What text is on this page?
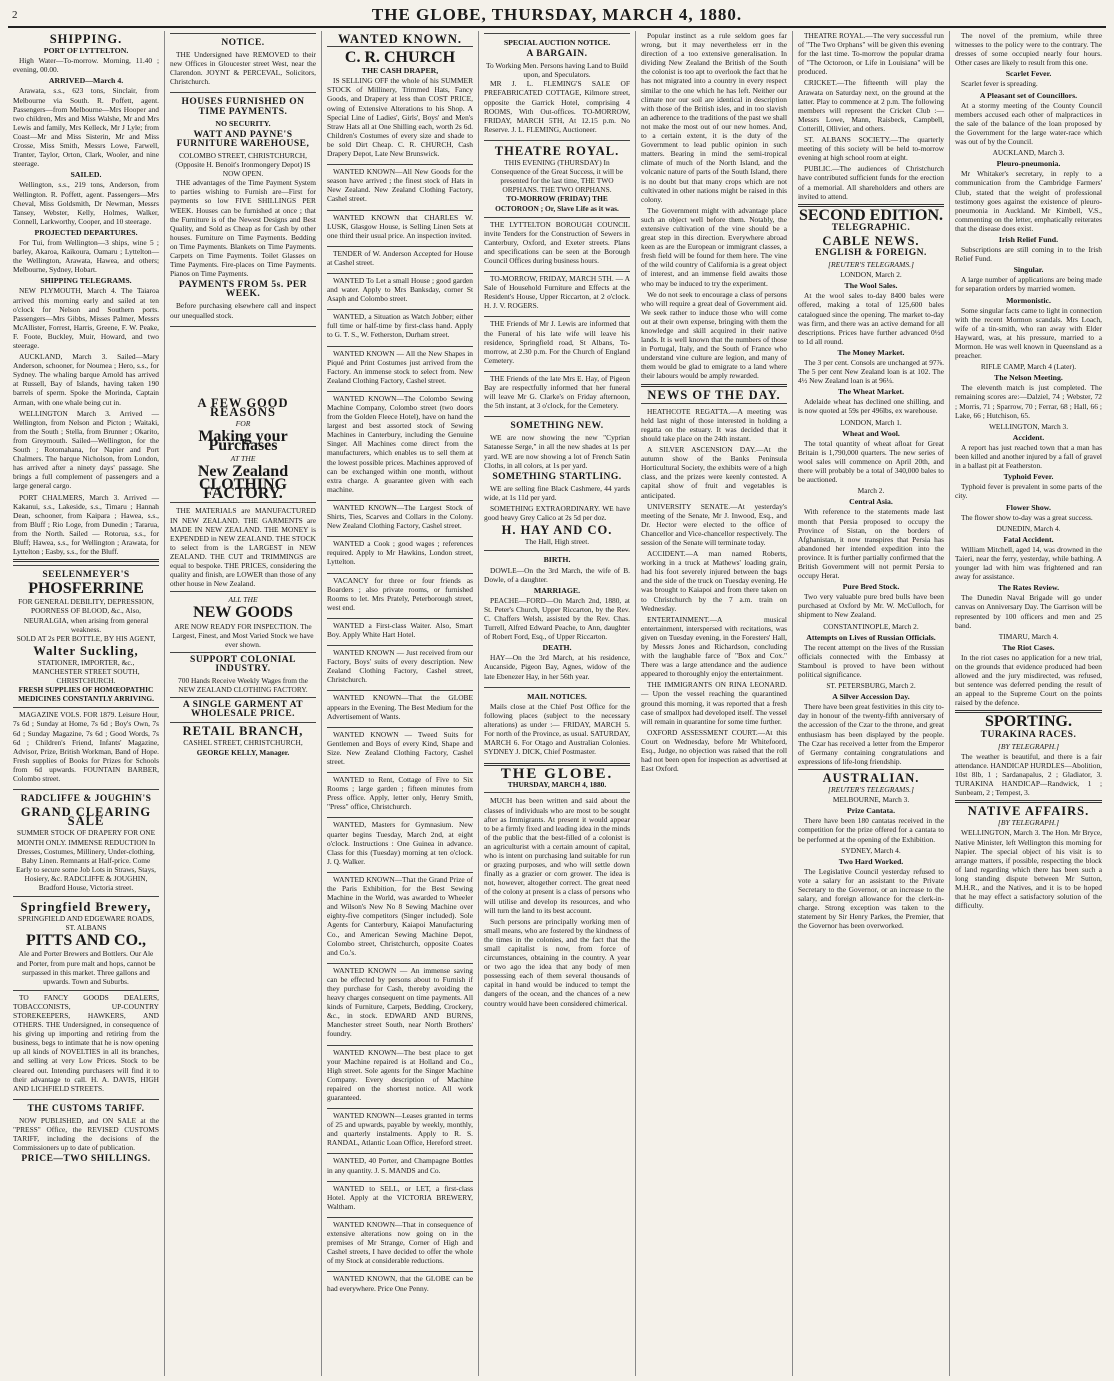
2	THE GLOBE, THURSDAY, MARCH 4, 1880.
SHIPPING.
PORT OF LYTTELTON.

High Water—To-morrow. Morning, 11.40 ; evening, 00.00.

ARRIVED—March 4.

Arawata, s.s., 623 tons, Sinclair, from Melbourne via South. R. Poffett, agent. Passengers—from Melbourne—Mrs Hooper and two children, Mrs and Miss Walshe, Mr and Mrs Lewis and family, Mrs Kelleck, Mr J Lyle; from Coast—Mr and Miss Sisterin, Mr and Miss Crosse, Miss Smith, Messrs Lowe, Farwell, Tranter, Taylor, Orton, Clark, Wooler, and nine steerage.

SAILED.

Wellington, s.s., 219 tons, Anderson, from Wellington. R. Poffett, agent. Passengers—Mrs Cheval, Miss Goldsmith, Dr Newman, Messrs Tansey, Webster, Kelly, Holmes, Walker, Connell, Larkworthy, Cooper, and 10 steerage.

PROJECTED DEPARTURES.

For Tui, from Wellington—3 ships, wine 5 ; barley, Akaroa, Kaikoura, Oamaru ; Lyttelton—the Wellington, Arawata, Hawea, and others; Melbourne, Sydney, Hobart.

SHIPPING TELEGRAMS.

NEW PLYMOUTH, March 4. The Taiaroa arrived this morning early and sailed at ten o'clock for Nelson and Southern ports. Passengers—Mrs Gibbs, Misses Palmer, Messrs McAllister, Forrest, Harris, Greene, F. W. Peake, F. Foote, Buckley, Muir, Howard, and two steerage.

AUCKLAND, March 3. Sailed—Mary Anderson, schooner, for Noumea ; Hero, s.s., for Sydney. The whaling barque Arnold has arrived at Russell, Bay of Islands, having taken 190 barrels of sperm. Spoke the Morinda, Captain Arman, with one whale being cut in.

WELLINGTON March 3. Arrived — Wellington, from Nelson and Picton ; Waitaki, from the South ; Stella, from Brunner ; Okarito, from Greymouth. Sailed—Wellington, for the South ; Rotomahana, for Napier and Port Chalmers. The barque Nicholson, from London, has arrived after a ninety days' passage. She brings a full complement of passengers and a large general cargo.

PORT CHALMERS, March 3. Arrived — Kakanui, s.s., Lakeside, s.s., Timaru ; Hannah Dean, schooner, from Kaipara ; Hawea, s.s., from Bluff ; Rio Loge, from Dunedin ; Tararua, from the North. Sailed — Rotorua, s.s., for Bluff; Hawea, s.s., for Wellington ; Arawata, for Lyttelton ; Easby, s.s., for the Bluff.

SEELENMEYER'S
PHOSFERRINE
FOR GENERAL DEBILITY, DEPRESSION, POORNESS OF BLOOD, &c., Also, NEURALGIA, when arising from general weakness.
SOLD AT 2s PER BOTTLE, BY HIS AGENT,
Walter Suckling,
STATIONER, IMPORTER, &c., MANCHESTER STREET SOUTH, CHRISTCHURCH.
FRESH SUPPLIES OF HOMŒOPATHIC MEDICINES CONSTANTLY ARRIVING.

MAGAZINE VOLS. FOR 1879. Leisure Hour, 7s 6d ; Sunday at Home, 7s 6d ; Boy's Own, 7s 6d ; Sunday Magazine, 7s 6d ; Good Words, 7s 6d ; Children's Friend, Infants' Magazine, Advisor, Prize, British Workman, Band of Hope. Fresh supplies of Books for Prizes for Schools from 6d upwards. FOUNTAIN BARBER, Colombo street.

RADCLIFFE & JOUGHIN'S
GRAND CLEARING SALE
SUMMER STOCK OF DRAPERY FOR ONE MONTH ONLY. IMMENSE REDUCTION In Dresses, Costumes, Millinery, Under-clothing, Baby Linen. Remnants at Half-price. Come Early to secure some Job Lots in Straws, Stays, Hosiery, &c. RADCLIFFE & JOUGHIN, Bradford House, Victoria street.
Springfield Brewery,
SPRINGFIELD AND EDGEWARE ROADS, ST. ALBANS
PITTS AND CO.,
Ale and Porter Brewers and Bottlers. Our Ale and Porter, from pure malt and hops, cannot be surpassed in this market. Three gallons and upwards. Town and Suburbs.

TO FANCY GOODS DEALERS, TOBACCONISTS, UP-COUNTRY STOREKEEPERS, HAWKERS, AND OTHERS. THE Undersigned, in consequence of his giving up importing and retiring from the business, begs to intimate that he is now opening up all kinds of NOVELTIES in all its branches, and selling at very Low Prices. Stock to be cleared out. Intending purchasers will find it to their advantage to call. H. A. DAVIS, HIGH AND LICHFIELD STREETS.

THE CUSTOMS TARIFF.

NOW PUBLISHED, and ON SALE at the "PRESS" Office, the REVISED CUSTOMS TARIFF, including the decisions of the Commissioners up to date of publication.

PRICE—TWO SHILLINGS.
NOTICE.

THE Undersigned have REMOVED to their new Offices in Gloucester street West, near the Clarendon. JOYNT & PERCEVAL, Solicitors, Christchurch.

HOUSES FURNISHED ON TIME PAYMENTS.
NO SECURITY.
WATT AND PAYNE'S FURNITURE WAREHOUSE,
COLOMBO STREET, CHRISTCHURCH, (Opposite H. Benoit's Ironmongery Depot) IS NOW OPEN.

THE advantages of the Time Payment System to parties wishing to Furnish are—First for payments so low FIVE SHILLINGS PER WEEK. Houses can be furnished at once ; that the Furniture is of the Newest Designs and Best Quality, and Sold as Cheap as for Cash by other houses. Furniture on Time Payments. Bedding on Time Payments. Blankets on Time Payments. Carpets on Time Payments. Toilet Glasses on Time Payments. Fire-places on Time Payments. Pianos on Time Payments.

PAYMENTS FROM 5s. PER WEEK.

Before purchasing elsewhere call and inspect our unequalled stock.

A FEW GOOD REASONS
FOR
Making your Purchases
AT THE
New Zealand
CLOTHING FACTORY.

THE MATERIALS are MANUFACTURED IN NEW ZEALAND. THE GARMENTS are MADE IN NEW ZEALAND. THE MONEY is EXPENDED in NEW ZEALAND. THE STOCK to select from is the LARGEST in NEW ZEALAND. THE CUT and TRIMMINGS are equal to bespoke. THE PRICES, considering the quality and finish, are LOWER than those of any other house in New Zealand.

ALL THE
NEW GOODS
ARE NOW READY FOR INSPECTION. The Largest, Finest, and Most Varied Stock we have ever shown.
SUPPORT COLONIAL INDUSTRY.
700 Hands Receive Weekly Wages from the NEW ZEALAND CLOTHING FACTORY.
A SINGLE GARMENT AT WHOLESALE PRICE.
RETAIL BRANCH,
CASHEL STREET, CHRISTCHURCH,
GEORGE KELLY, Manager.
WANTED KNOWN.
C. R. CHURCH
THE CASH DRAPER,

IS SELLING OFF the whole of his SUMMER STOCK of Millinery, Trimmed Hats, Fancy Goods, and Drapery at less than COST PRICE, owing of Extensive Alterations to his Shop. A Special Line of Ladies', Girls', Boys' and Men's Straw Hats all at One Shilling each, worth 2s 6d. Children's Costumes of every size and shade to be sold Dirt Cheap. C. R. CHURCH, Cash Drapery Depot, Late New Brunswick.

WANTED KNOWN—All New Goods for the season have arrived ; the finest stock of Hats in New Zealand. New Zealand Clothing Factory, Cashel street.

WANTED KNOWN that CHARLES W. LUSK, Glasgow House, is Selling Linen Sets at one third their usual price. An inspection invited.

TENDER of W. Anderson Accepted for House at Cashel street.

WANTED To Let a small House ; good garden and water. Apply to Mrs Banksday, corner St Asaph and Colombo street.

WANTED, a Situation as Watch Jobber; either full time or half-time by first-class hand. Apply to G. T. S., W. Fetherston, Durham street.

WANTED KNOWN — All the New Shapes in Piqué and Print Costumes just arrived from the Factory. An immense stock to select from. New Zealand Clothing Factory, Cashel street.

WANTED KNOWN—The Colombo Sewing Machine Company, Colombo street (two doors from the Golden Fleece Hotel), have on hand the largest and best assorted stock of Sewing Machines in Canterbury, including the Genuine Singer. All Machines come direct from the manufacturers, which enables us to sell them at the lowest possible prices. Machines approved of can be exchanged within one month, without extra charge. A guarantee given with each machine.

WANTED KNOWN—The Largest Stock of Shirts, Ties, Scarves and Collars in the Colony. New Zealand Clothing Factory, Cashel street.

WANTED a Cook ; good wages ; references required. Apply to Mr Hawkins, London street, Lyttelton.

VACANCY for three or four friends as Boarders ; also private rooms, or furnished Rooms to let. Mrs Prately, Peterborough street, west end.

WANTED a First-class Waiter. Also, Smart Boy. Apply White Hart Hotel.

WANTED KNOWN — Just received from our Factory, Boys' suits of every description. New Zealand Clothing Factory, Cashel street, Christchurch.

WANTED KNOWN—That the GLOBE appears in the Evening. The Best Medium for the Advertisement of Wants.

WANTED KNOWN — Tweed Suits for Gentlemen and Boys of every Kind, Shape and Size. New Zealand Clothing Factory, Cashel street.

WANTED to Rent, Cottage of Five to Six Rooms ; large garden ; fifteen minutes from Press office. Apply, letter only, Henry Smith, "Press" office, Christchurch.

WANTED, Masters for Gymnasium. New quarter begins Tuesday, March 2nd, at eight o'clock. Instructions : One Guinea in advance. Class for this (Tuesday) morning at ten o'clock. J. Q. Walker.

WANTED KNOWN—That the Grand Prize of the Paris Exhibition, for the Best Sewing Machine in the World, was awarded to Wheeler and Wilson's New No 8 Sewing Machine over eighty-five competitors (Singer included). Sole Agents for Canterbury, Kaiapoi Manufacturing Co., and American Sewing Machine Depot, Colombo street, Christchurch, opposite Coates and Co.'s.

WANTED KNOWN — An immense saving can be effected by persons about to Furnish if they purchase for Cash, thereby avoiding the heavy charges consequent on time payments. All kinds of Furniture, Carpets, Bedding, Crockery, &c., in stock. EDWARD AND BURNS, Manchester street South, near North Brothers' foundry.

WANTED KNOWN—The best place to get your Machine repaired is at Holland and Co., High street. Sole agents for the Singer Machine Company. Every description of Machine repaired on the shortest notice. All work guaranteed.

WANTED KNOWN—Leases granted in terms of 25 and upwards, payable by weekly, monthly, and quarterly instalments. Apply to R. S. RANDAL, Atlantic Loan Office, Hereford street.

WANTED, 40 Porter, and Champagne Bottles in any quantity. J. S. MANDS and Co.

WANTED to SELL, or LET, a first-class Hotel. Apply at the VICTORIA BREWERY, Waltham.

WANTED KNOWN—That in consequence of extensive alterations now going on in the premises of Mr Strange, Corner of High and Cashel streets, I have decided to offer the whole of my Stock at considerable reductions.

WANTED KNOWN, that the GLOBE can be had everywhere. Price One Penny.

SPECIAL AUCTION NOTICE.
A BARGAIN.
To Working Men. Persons having Land to Build upon, and Speculators.

MR J. L. FLEMING'S SALE OF PREFABRICATED COTTAGE, Kilmore street, opposite the Garrick Hotel, comprising 4 ROOMS, With Out-offices. TO-MORROW, FRIDAY, MARCH 5TH, At 12.15 p.m. No Reserve. J. L. FLEMING, Auctioneer.

THEATRE ROYAL.
THIS EVENING (THURSDAY) In Consequence of the Great Success, it will be presented for the last time, THE TWO ORPHANS. THE TWO ORPHANS.
TO-MORROW (FRIDAY) THE OCTOROON ; Or, Slave Life as it was.

THE LYTTELTON BOROUGH COUNCIL invite Tenders for the Construction of Sewers in Canterbury, Oxford, and Exeter streets. Plans and specifications can be seen at the Borough Council Offices during business hours.

TO-MORROW, FRIDAY, MARCH 5TH. — A Sale of Household Furniture and Effects at the Resident's House, Upper Riccarton, at 2 o'clock. H. J. V. ROGERS.

THE Friends of Mr J. Lewis are informed that the Funeral of his late wife will leave his residence, Springfield road, St Albans, To-morrow, at 2.30 p.m. For the Church of England Cemetery.

THE Friends of the late Mrs E. Hay, of Pigeon Bay are respectfully informed that her funeral will leave Mr G. Clarke's on Friday afternoon, the 5th instant, at 3 o'clock, for the Cemetery.

SOMETHING NEW.

WE are now showing the new "Cyprian Satanesse Serge," in all the new shades at 1s per yard. WE are now showing a lot of French Satin Cloths, in all colors, at 1s per yard.

SOMETHING STARTLING.

WE are selling fine Black Cashmere, 44 yards wide, at 1s 11d per yard.

SOMETHING EXTRAORDINARY. WE have good heavy Grey Calico at 2s 5d per doz.

H. HAY AND CO.
The Hall, High street.
BIRTH.

DOWLE—On the 3rd March, the wife of B. Dowle, of a daughter.

MARRIAGE.

PEACHE—FORD—On March 2nd, 1880, at St. Peter's Church, Upper Riccarton, by the Rev. C. Chaffers Welsh, assisted by the Rev. Chas. Turrell, Alfred Edward Peache, to Ann, daughter of Robert Ford, Esq., of Upper Riccarton.

DEATH.

HAY—On the 3rd March, at his residence, Aucanside, Pigeon Bay, Agnes, widow of the late Ebenezer Hay, in her 56th year.

MAIL NOTICES.

Mails close at the Chief Post Office for the following places (subject to the necessary alterations) as under :— FRIDAY, MARCH 5. For north of the Province, as usual. SATURDAY, MARCH 6. For Otago and Australian Colonies. SYDNEY J. DICK, Chief Postmaster.

THE GLOBE.
THURSDAY, MARCH 4, 1880.

MUCH has been written and said about the classes of individuals who are most to be sought after as Immigrants. At present it would appear to be a firmly fixed and leading idea in the minds of the public that the best-filled of a colonist is an agriculturist with a certain amount of capital, who is intent on purchasing land suitable for run or grazing purposes, and who will settle down finally as a grazier or corn grower. The idea is not, however, altogether correct. The great need of the colony at present is a class of persons who will utilise and develop its resources, and who will turn the land to its best account.

Such persons are principally working men of small means, who are fostered by the kindness of the times in the colonies, and the fact that the small capitalist is now, from force of circumstances, obtaining in the country. A year or two ago the idea that any body of men possessing each of them several thousands of capital in hand would be induced to tempt the dangers of the ocean, and the chances of a new country would have been considered chimerical.

Popular instinct as a rule seldom goes far wrong, but it may nevertheless err in the direction of a too extensive generalisation. In dividing New Zealand the British of the South the colonist is too apt to overlook the fact that he has not migrated into a country in every respect similar to the one which he has left. Neither our climate nor our soil are identical in description with those of the British isles, and in too slavish an adherence to the traditions of the past we shall not make the most out of our new homes. And, to a certain extent, it is the duty of the Government to lead public opinion in such matters. Bearing in mind the semi-tropical climate of much of the North Island, and the volcanic nature of parts of the South Island, there is no doubt but that many crops which are not cultivated in other nations might be raised in this colony.

The Government might with advantage place such an object well before them. Notably, the extensive cultivation of the vine should be a great step in this direction. Everywhere abroad keen as are the European or immigrant classes, a fresh field will be found for them here. The vine of the wild country of California is a great object of interest, and an immense field awaits those who may be induced to try the experiment.

We do not seek to encourage a class of persons who will require a great deal of Government aid. We seek rather to induce those who will come out at their own expense, bringing with them the knowledge and skill acquired in their native lands. It is well known that the numbers of those in Portugal, Italy, and the South of France who understand vine culture are legion, and many of them would be glad to emigrate to a land where their labours would be amply rewarded.

NEWS OF THE DAY.

HEATHCOTE REGATTA.—A meeting was held last night of those interested in holding a regatta on the estuary. It was decided that it should take place on the 24th instant.

A SILVER ASCENSION DAY.—At the autumn show of the Banks Peninsula Horticultural Society, the exhibits were of a high class, and the prizes were keenly contested. A capital show of fruit and vegetables is anticipated.

UNIVERSITY SENATE.—At yesterday's meeting of the Senate, Mr J. Inwood, Esq., and Dr. Hector were elected to the office of Chancellor and Vice-chancellor respectively. The session of the Senate will terminate today.

ACCIDENT.—A man named Roberts, working in a truck at Mathews' loading grain, had his foot severely injured between the bags and the side of the truck on Tuesday evening. He was brought to Kaiapoi and from there taken on to Christchurch by the 7 a.m. train on Wednesday.

ENTERTAINMENT.—A musical entertainment, interspersed with recitations, was given on Tuesday evening, in the Foresters' Hall, by Messrs Jones and Richardson, concluding with the laughable farce of "Box and Cox." There was a large attendance and the audience appeared to thoroughly enjoy the entertainment.

THE IMMIGRANTS ON RINA LEONARD. — Upon the vessel reaching the quarantined ground this morning, it was reported that a fresh case of smallpox had developed itself. The vessel will remain in quarantine for some time further.

OXFORD ASSESSMENT COURT.—At this Court on Wednesday, before Mr Whitefoord, Esq., Judge, no objection was raised that the roll had not been open for inspection as advertised at East Oxford.

THEATRE ROYAL.—The very successful run of "The Two Orphans" will be given this evening for the last time. To-morrow the popular drama of "The Octoroon, or Life in Louisiana" will be produced.

CRICKET.—The fifteenth will play the Arawata on Saturday next, on the ground at the latter. Play to commence at 2 p.m. The following members will represent the Cricket Club :—Messrs Lowe, Mann, Raisbeck, Campbell, Cotterill, Ollivier, and others.

ST. ALBANS SOCIETY.—The quarterly meeting of this society will be held to-morrow evening at high school room at eight.

PUBLIC.—The audiences of Christchurch have contributed sufficient funds for the erection of a memorial. All shareholders and others are invited to attend.

SECOND EDITION.
TELEGRAPHIC.
CABLE NEWS.
ENGLISH & FOREIGN.
[REUTER'S TELEGRAMS.]
LONDON, March 2.
The Wool Sales.

At the wool sales to-day 8400 bales were offered, making a total of 125,600 bales catalogued since the opening. The market to-day was firm, and there was an active demand for all descriptions. Prices have further advanced 0½d to 1d all round.

The Money Market.

The 3 per cent. Consols are unchanged at 97⅞. The 5 per cent New Zealand loan is at 102. The 4½ New Zealand loan is at 96¼.

The Wheat Market.

Adelaide wheat has declined one shilling, and is now quoted at 59s per 496lbs, ex warehouse.

LONDON, March 1.
Wheat and Wool.

The total quantity of wheat afloat for Great Britain is 1,790,000 quarters. The new series of wool sales will commence on April 20th, and there will probably be a total of 340,000 bales to be auctioned.

March 2.
Central Asia.

With reference to the statements made last month that Persia proposed to occupy the Province of Sistan, on the borders of Afghanistan, it now transpires that Persia has abandoned her intended expedition into the province. It is further partially confirmed that the British Government will not permit Persia to occupy Herat.

Pure Bred Stock.

Two very valuable pure bred bulls have been purchased at Oxford by Mr. W. McCulloch, for shipment to New Zealand.

CONSTANTINOPLE, March 2.
Attempts on Lives of Russian Officials.

The recent attempt on the lives of the Russian officials connected with the Embassy at Stamboul is proved to have been without political significance.

ST. PETERSBURG, March 2.
A Silver Accession Day.

There have been great festivities in this city to-day in honour of the twenty-fifth anniversary of the accession of the Czar to the throne, and great enthusiasm has been displayed by the people. The Czar has received a letter from the Emperor of Germany containing congratulations and expressions of life-long friendship.

AUSTRALIAN.
[REUTER'S TELEGRAMS.]
MELBOURNE, March 3.
Prize Cantata.

There have been 180 cantatas received in the competition for the prize offered for a cantata to be performed at the opening of the Exhibition.

SYDNEY, March 4.
Two Hard Worked.

The Legislative Council yesterday refused to vote a salary for an assistant to the Private Secretary to the Governor, or an increase to the salary, and foreign allowance for the clerk-in-charge. Strong exception was taken to the statement by Sir Henry Parkes, the Premier, that the Governor has been overworked.

The novel of the premium, while three witnesses to the policy were to the contrary. The dresses of some occupied nearly four hours. Other cases are likely to result from this one.

Scarlet Fever.

Scarlet fever is spreading.

A Pleasant set of Councillors.

At a stormy meeting of the County Council members accused each other of malpractices in the sale of the balance of the loan proposed by the Government for the large water-race which was out of by the Council.

AUCKLAND, March 3.
Pleuro-pneumonia.

Mr Whitaker's secretary, in reply to a communication from the Cambridge Farmers' Club, stated that the weight of professional testimony goes against the existence of pleuro-pneumonia in Auckland. Mr Kimbell, V.S., commenting on the letter, emphatically reiterates that the disease does exist.

Irish Relief Fund.

Subscriptions are still coming in to the Irish Relief Fund.

Singular.

A large number of applications are being made for separation orders by married women.

Mormonistic.

Some singular facts came to light in connection with the recent Mormon scandals. Mrs Loach, wife of a tin-smith, who ran away with Elder Hayward, was, at his pressure, married to a Mormon. He was well known in Queensland as a preacher.

RIFLE CAMP, March 4 (Later).
The Nelson Meeting.

The eleventh match is just completed. The remaining scores are:—Dalziel, 74 ; Webster, 72 ; Morris, 71 ; Sparrow, 70 ; Ferrar, 68 ; Hall, 66 ; Lake, 66 ; Hutchison, 65.

WELLINGTON, March 3.
Accident.

A report has just reached town that a man has been killed and another injured by a fall of gravel in a ballast pit at Featherston.

Typhoid Fever.

Typhoid fever is prevalent in some parts of the city.

Flower Show.

The flower show to-day was a great success.

DUNEDIN, March 4.
Fatal Accident.

William Mitchell, aged 14, was drowned in the Taieri, near the ferry, yesterday, while bathing. A younger lad with him was frightened and ran away for assistance.

The Rates Review.

The Dunedin Naval Brigade will go under canvas on Anniversary Day. The Garrison will be represented by 100 officers and men and 25 band.

TIMARU, March 4.
The Riot Cases.

In the riot cases no application for a new trial, on the grounds that evidence produced had been allowed and the jury misdirected, was refused, but sentence was deferred pending the result of an appeal to the Supreme Court on the points raised by the defence.

SPORTING.
TURAKINA RACES.
[BY TELEGRAPH.]

The weather is beautiful, and there is a fair attendance. HANDICAP HURDLES—Abolition, 10st 8lb, 1 ; Sardanapalus, 2 ; Gladiator, 3. TURAKINA HANDICAP—Randwick, 1 ; Sunbeam, 2 ; Tempest, 3.

NATIVE AFFAIRS.
[BY TELEGRAPH.]

WELLINGTON, March 3. The Hon. Mr Bryce, Native Minister, left Wellington this morning for Napier. The special object of his visit is to arrange matters, if possible, respecting the block of land regarding which there has been such a long standing dispute between Mr Sutton, M.H.R., and the Natives, and it is to be hoped that he may effect a satisfactory solution of the difficulty.
